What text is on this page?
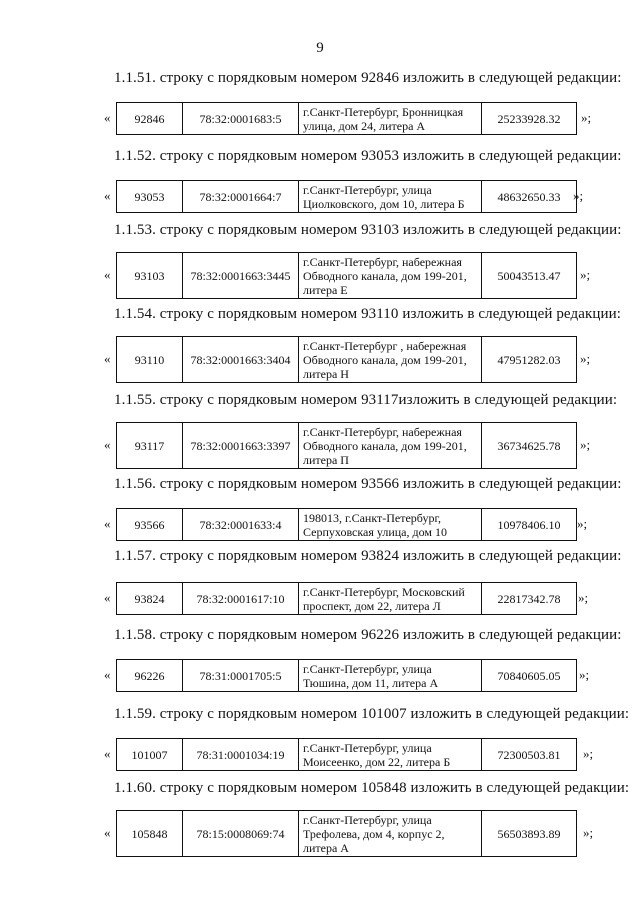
9
1.1.51. строку с порядковым номером 92846 изложить в следующей редакции:
« 92846	78:32:0001683:5	г.Санкт-Петербург, Бронницкая
улица, дом 24, литера А	25233928.32 »;
1.1.52. строку с порядковым номером 93053 изложить в следующей редакции:
« 93053	78:32:0001664:7	г.Санкт-Петербург, улица
Циолковского, дом 10, литера Б	48632650.33 »;
1.1.53. строку с порядковым номером 93103 изложить в следующей редакции:
« 93103	78:32:0001663:3445	
г.Санкт-Петербург, набережная
Обводного канала, дом 199-201,
литера Е
	50043513.47 »;
1.1.54. строку с порядковым номером 93110 изложить в следующей редакции:
« 93110	78:32:0001663:3404	
г.Санкт-Петербург , набережная
Обводного канала, дом 199-201,
литера Н
	47951282.03 »;
1.1.55. строку с порядковым номером 93117изложить в следующей редакции:
« 93117	78:32:0001663:3397	
г.Санкт-Петербург, набережная
Обводного канала, дом 199-201,
литера П
	36734625.78 »;
1.1.56. строку с порядковым номером 93566 изложить в следующей редакции:
« 93566	78:32:0001633:4	198013, г.Санкт-Петербург,
Серпуховская улица, дом 10	10978406.10 »;
1.1.57. строку с порядковым номером 93824 изложить в следующей редакции:
« 93824	78:32:0001617:10	г.Санкт-Петербург, Московский
проспект, дом 22, литера Л	22817342.78 »;
1.1.58. строку с порядковым номером 96226 изложить в следующей редакции:
« 96226	78:31:0001705:5	г.Санкт-Петербург, улица
Тюшина, дом 11, литера А	70840605.05 »;
1.1.59. строку с порядковым номером 101007 изложить в следующей редакции:
« 101007	78:31:0001034:19	г.Санкт-Петербург, улица
Моисеенко, дом 22, литера Б	72300503.81 »;
1.1.60. строку с порядковым номером 105848 изложить в следующей редакции:
« 105848	78:15:0008069:74	
г.Санкт-Петербург, улица
Трефолева, дом 4, корпус 2,
литера А
	56503893.89 »;
